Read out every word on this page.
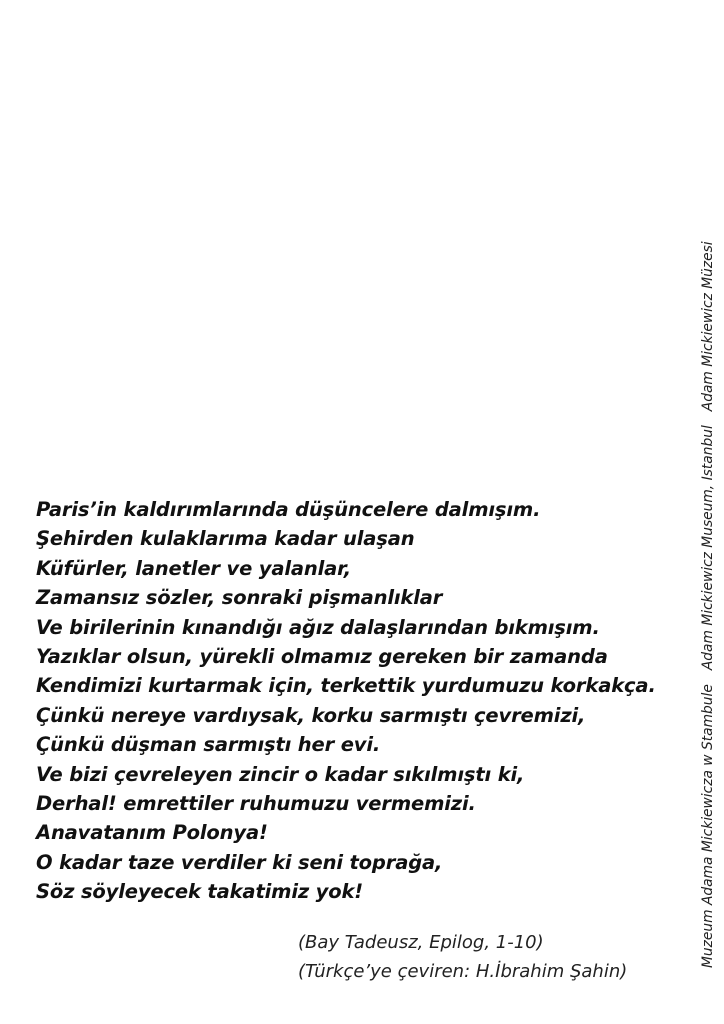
Paris’in kaldırımlarında düşüncelere dalmışım.
Şehirden kulaklarıma kadar ulaşan
Küfürler, lanetler ve yalanlar,
Zamansız sözler, sonraki pişmanlıklar
Ve birilerinin kınandığı ağız dalaşlarından bıkmışım.
Yazıklar olsun, yürekli olmamız gereken bir zamanda
Kendimizi kurtarmak için, terkettik yurdumuzu korkakça.
Çünkü nereye vardıysak, korku sarmıştı çevremizi,
Çünkü düşman sarmıştı her evi.
Ve bizi çevreleyen zincir o kadar sıkılmıştı ki,
Derhal! emrettiler ruhumuzu vermemizi.
Anavatanım Polonya!
O kadar taze verdiler ki seni toprağa,
Söz söyleyecek takatimiz yok!
(Bay Tadeusz, Epilog, 1-10)
(Türkçe’ye çeviren: H.İbrahim Şahin)
Muzeum Adama Mickiewicza w StambuleAdam Mickiewicz Museum, IstanbulAdam Mickiewicz Müzesi
